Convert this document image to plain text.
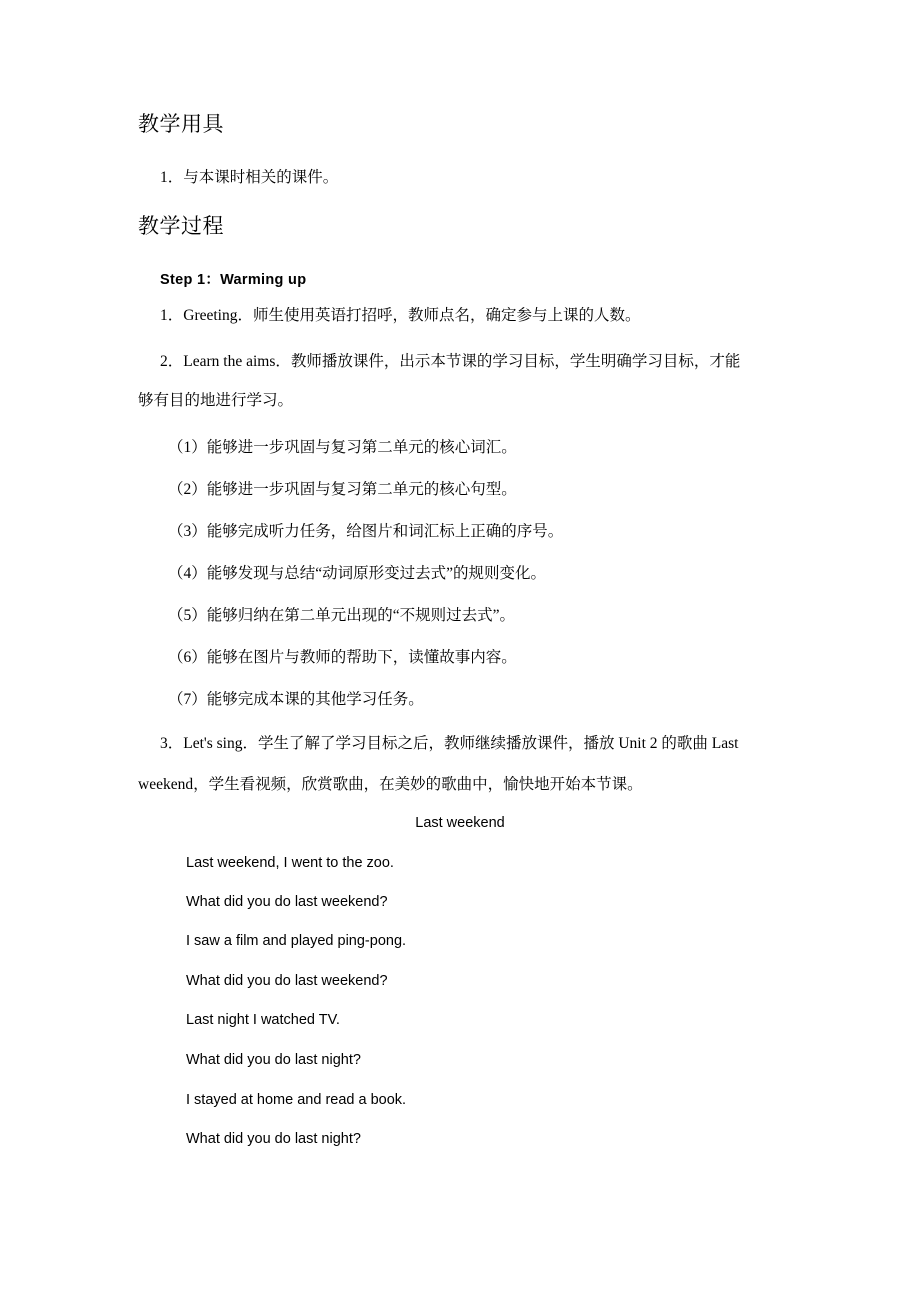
教学用具
1．与本课时相关的课件。
教学过程
Step 1：Warming up
1．Greeting．师生使用英语打招呼，教师点名，确定参与上课的人数。
2．Learn the aims．教师播放课件，出示本节课的学习目标，学生明确学习目标，才能
够有目的地进行学习。
（1）能够进一步巩固与复习第二单元的核心词汇。
（2）能够进一步巩固与复习第二单元的核心句型。
（3）能够完成听力任务，给图片和词汇标上正确的序号。
（4）能够发现与总结“动词原形变过去式”的规则变化。
（5）能够归纳在第二单元出现的“不规则过去式”。
（6）能够在图片与教师的帮助下，读懂故事内容。
（7）能够完成本课的其他学习任务。
3．Let's sing．学生了解了学习目标之后，教师继续播放课件，播放 Unit 2 的歌曲 Last
weekend，学生看视频，欣赏歌曲，在美妙的歌曲中，愉快地开始本节课。
Last weekend
Last weekend, I went to the zoo.
What did you do last weekend?
I saw a film and played ping-pong.
What did you do last weekend?
Last night I watched TV.
What did you do last night?
I stayed at home and read a book.
What did you do last night?
